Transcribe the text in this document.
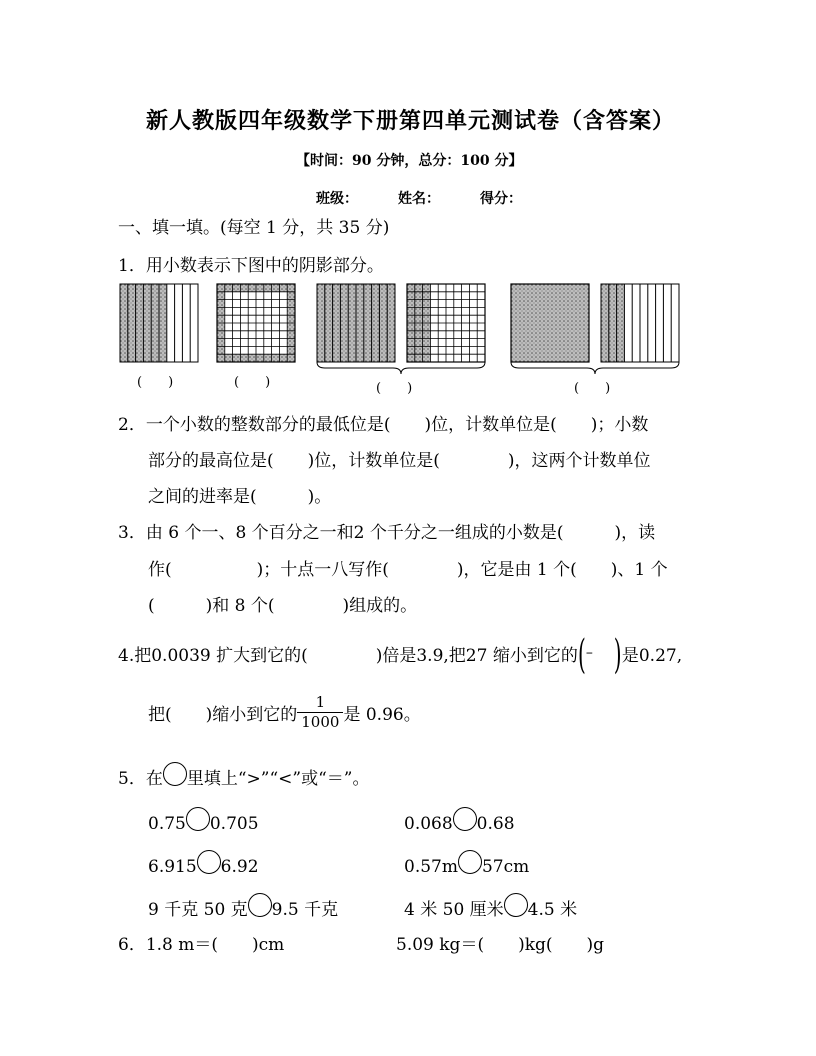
新人教版四年级数学下册第四单元测试卷（含答案）
【时间：90 分钟，总分：100 分】
班级：	姓名：	得分：
一、填一填。(每空 1 分，共 35 分)
1．用小数表示下图中的阴影部分。
(　　)	(　　)	(　　)	(　　)
2．一个小数的整数部分的最低位是(　　)位，计数单位是(　　)；小数
部分的最高位是(　　)位，计数单位是(　　　　)，这两个计数单位
之间的进率是(　　　)。
3．由 6 个一、8 个百分之一和2 个千分之一组成的小数是(　　　)，读
作(　　　　　)；十点一八写作(　　　　)，它是由 1 个(　　)、1 个
(　　　)和 8 个(　　　　)组成的。
4.把0.0039 扩大到它的(　　　　)倍是3.9,把27 缩小到它的 ( – ) 是0.27,
把(　　)缩小到它的 $\frac{1}{1000}$ 是 0.96。
5．在 里填上“>”“<”或“＝”。
0.75 0.705	0.068 0.68
6.915 6.92	0.57m 57cm
9 千克 50 克 9.5 千克	4 米 50 厘米 4.5 米
6．1.8 m＝(　　)cm	5.09 kg＝(　　)kg(　　)g
